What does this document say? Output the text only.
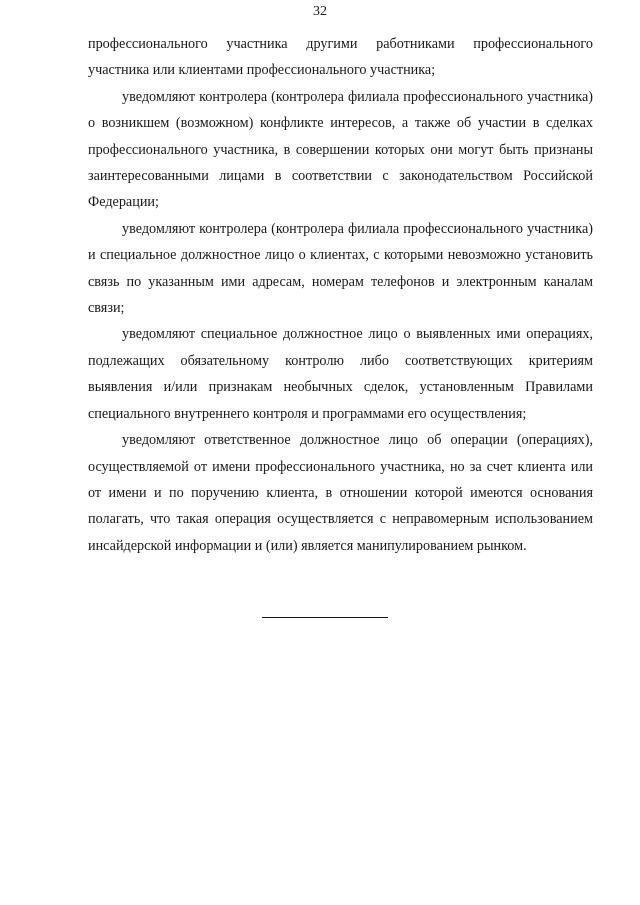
32

профессионального участника другими работниками профессионального участника или клиентами профессионального участника;

уведомляют контролера (контролера филиала профессионального участника) о возникшем (возможном) конфликте интересов, а также об участии в сделках профессионального участника, в совершении которых они могут быть признаны заинтересованными лицами в соответствии с законодательством Российской Федерации;

уведомляют контролера (контролера филиала профессионального участника) и специальное должностное лицо о клиентах, с которыми невозможно установить связь по указанным ими адресам, номерам телефонов и электронным каналам связи;

уведомляют специальное должностное лицо о выявленных ими операциях, подлежащих обязательному контролю либо соответствующих критериям выявления и/или признакам необычных сделок, установленным Правилами специального внутреннего контроля и программами его осуществления;

уведомляют ответственное должностное лицо об операции (операциях), осуществляемой от имени профессионального участника, но за счет клиента или от имени и по поручению клиента, в отношении которой имеются основания полагать, что такая операция осуществляется с неправомерным использованием инсайдерской информации и (или) является манипулированием рынком.
